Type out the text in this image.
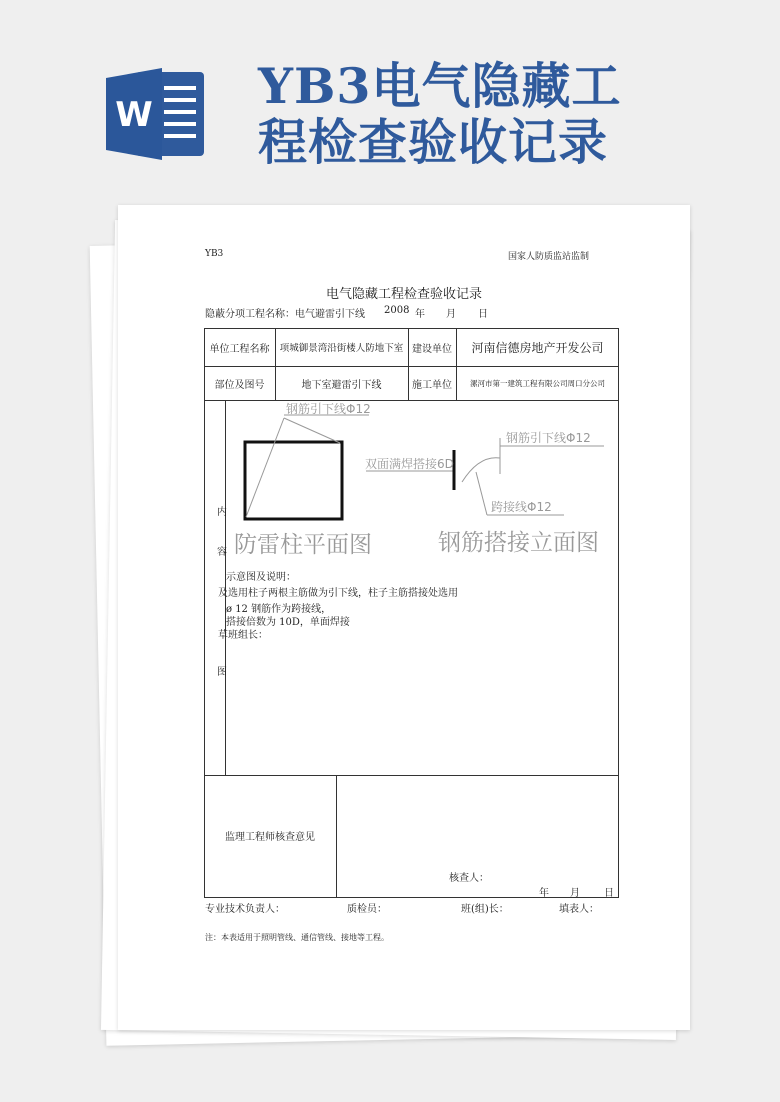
W YB3电气隐藏工
程检查验收记录
YB3	国家人防质监站监制
电气隐藏工程检查验收记录
隐蔽分项工程名称：电气避雷引下线 2008 年 月 日
单位工程名称	项城御景湾沿街楼人防地下室 建设单位	河南信德房地产开发公司
部位及图号	地下室避雷引下线	施工单位	漯河市第一建筑工程有限公司周口分公司
内
容
图
钢筋引下线Φ12
双面满焊搭接6D
钢筋引下线Φ12
跨接线Φ12
防雷柱平面图	钢筋搭接立面图
示意图及说明：
及选用柱子两根主筋做为引下线，柱子主筋搭接处选用
ø 12 钢筋作为跨接线，
搭接倍数为 10D，单面焊接
草班组长：
监理工程师核查意见
核查人：
年 月 日
专业技术负责人：	质检员：	班(组)长：	填表人：
注：本表适用于照明管线、通信管线、接地等工程。
